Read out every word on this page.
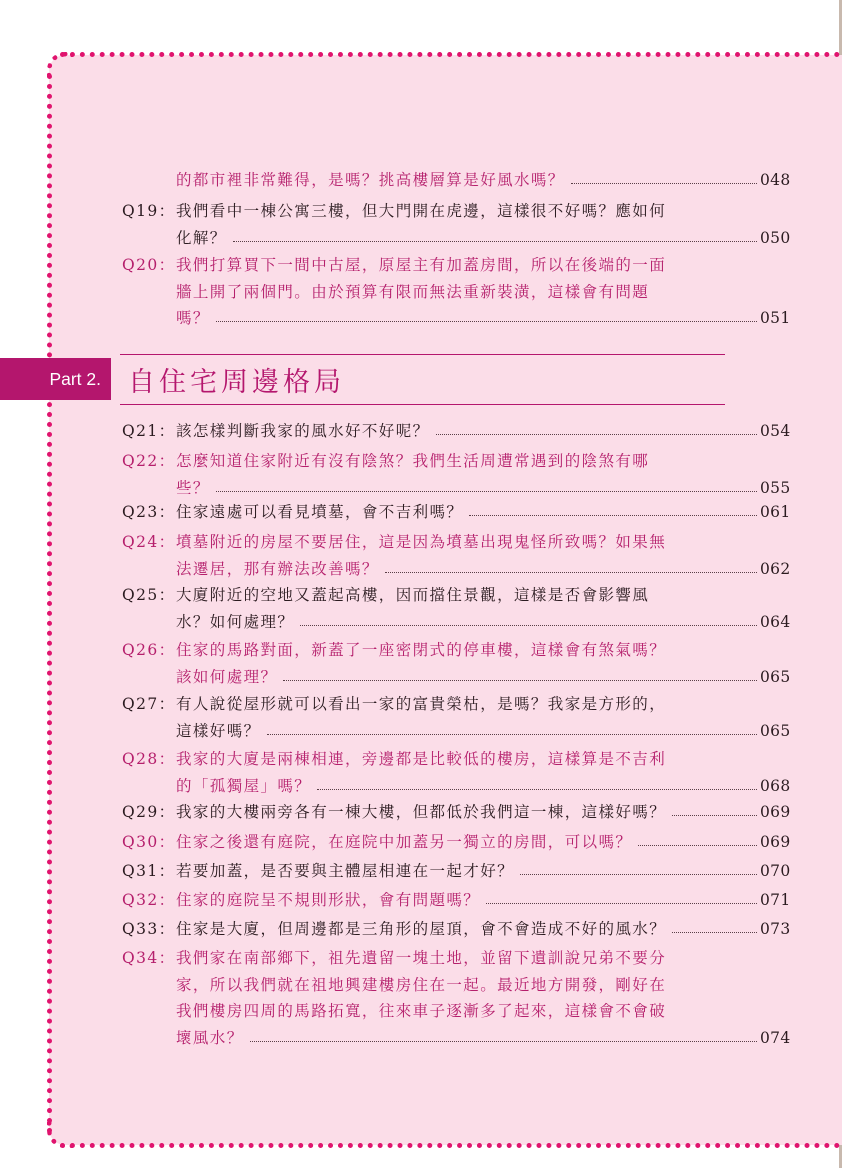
Part 2.	自住宅周邊格局
的都市裡非常難得，是嗎？挑高樓層算是好風水嗎？	048
Q19： 我們看中一棟公寓三樓，但大門開在虎邊，這樣很不好嗎？應如何
化解？	050
Q20： 我們打算買下一間中古屋，原屋主有加蓋房間，所以在後端的一面
牆上開了兩個門。由於預算有限而無法重新裝潢，這樣會有問題
嗎？	051
Q21： 該怎樣判斷我家的風水好不好呢？	054
Q22： 怎麼知道住家附近有沒有陰煞？我們生活周遭常遇到的陰煞有哪
些？	055
Q23： 住家遠處可以看見墳墓，會不吉利嗎？	061
Q24： 墳墓附近的房屋不要居住，這是因為墳墓出現鬼怪所致嗎？如果無
法遷居，那有辦法改善嗎？	062
Q25： 大廈附近的空地又蓋起高樓，因而擋住景觀，這樣是否會影響風
水？如何處理？	064
Q26： 住家的馬路對面，新蓋了一座密閉式的停車樓，這樣會有煞氣嗎？
該如何處理？	065
Q27： 有人說從屋形就可以看出一家的富貴榮枯，是嗎？我家是方形的，
這樣好嗎？	065
Q28： 我家的大廈是兩棟相連，旁邊都是比較低的樓房，這樣算是不吉利
的「孤獨屋」嗎？	068
Q29： 我家的大樓兩旁各有一棟大樓，但都低於我們這一棟，這樣好嗎？	069
Q30： 住家之後還有庭院，在庭院中加蓋另一獨立的房間，可以嗎？	069
Q31： 若要加蓋，是否要與主體屋相連在一起才好？	070
Q32： 住家的庭院呈不規則形狀，會有問題嗎？	071
Q33： 住家是大廈，但周邊都是三角形的屋頂，會不會造成不好的風水？	073
Q34： 我們家在南部鄉下，祖先遺留一塊土地，並留下遺訓說兄弟不要分
家，所以我們就在祖地興建樓房住在一起。最近地方開發，剛好在
我們樓房四周的馬路拓寬，往來車子逐漸多了起來，這樣會不會破
壞風水？	074
